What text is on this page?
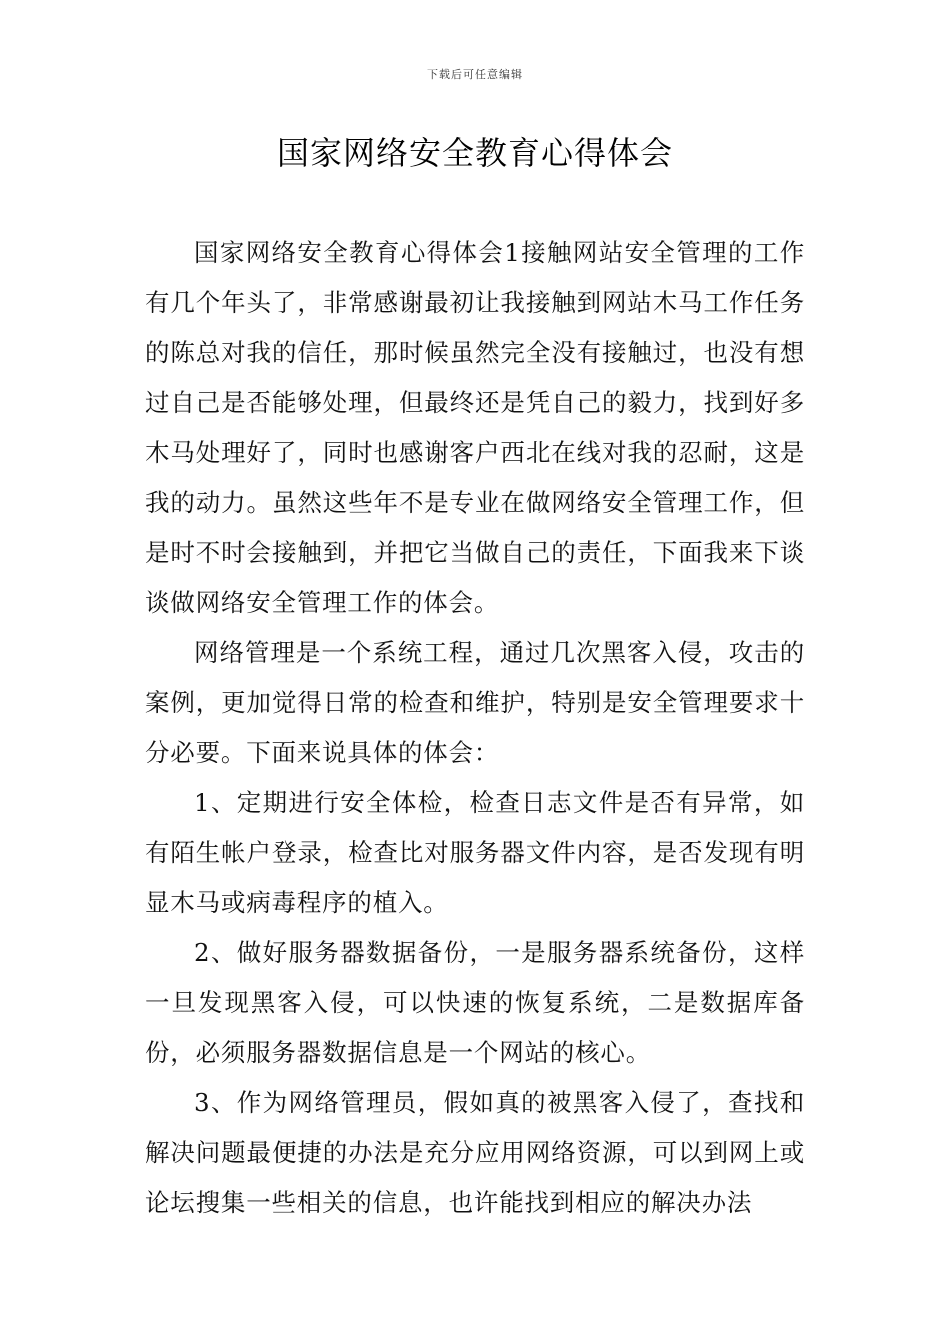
下载后可任意编辑
国家网络安全教育心得体会

国家网络安全教育心得体会1接触网站安全管理的工作有几个年头了，非常感谢最初让我接触到网站木马工作任务的陈总对我的信任，那时候虽然完全没有接触过，也没有想过自己是否能够处理，但最终还是凭自己的毅力，找到好多木马处理好了，同时也感谢客户西北在线对我的忍耐，这是我的动力。虽然这些年不是专业在做网络安全管理工作，但是时不时会接触到，并把它当做自己的责任，下面我来下谈谈做网络安全管理工作的体会。

网络管理是一个系统工程，通过几次黑客入侵，攻击的案例，更加觉得日常的检查和维护，特别是安全管理要求十分必要。下面来说具体的体会：

1、定期进行安全体检，检查日志文件是否有异常，如有陌生帐户登录，检查比对服务器文件内容，是否发现有明显木马或病毒程序的植入。

2、做好服务器数据备份，一是服务器系统备份，这样一旦发现黑客入侵，可以快速的恢复系统，二是数据库备份，必须服务器数据信息是一个网站的核心。

3、作为网络管理员，假如真的被黑客入侵了，查找和解决问题最便捷的办法是充分应用网络资源，可以到网上或论坛搜集一些相关的信息，也许能找到相应的解决办法
